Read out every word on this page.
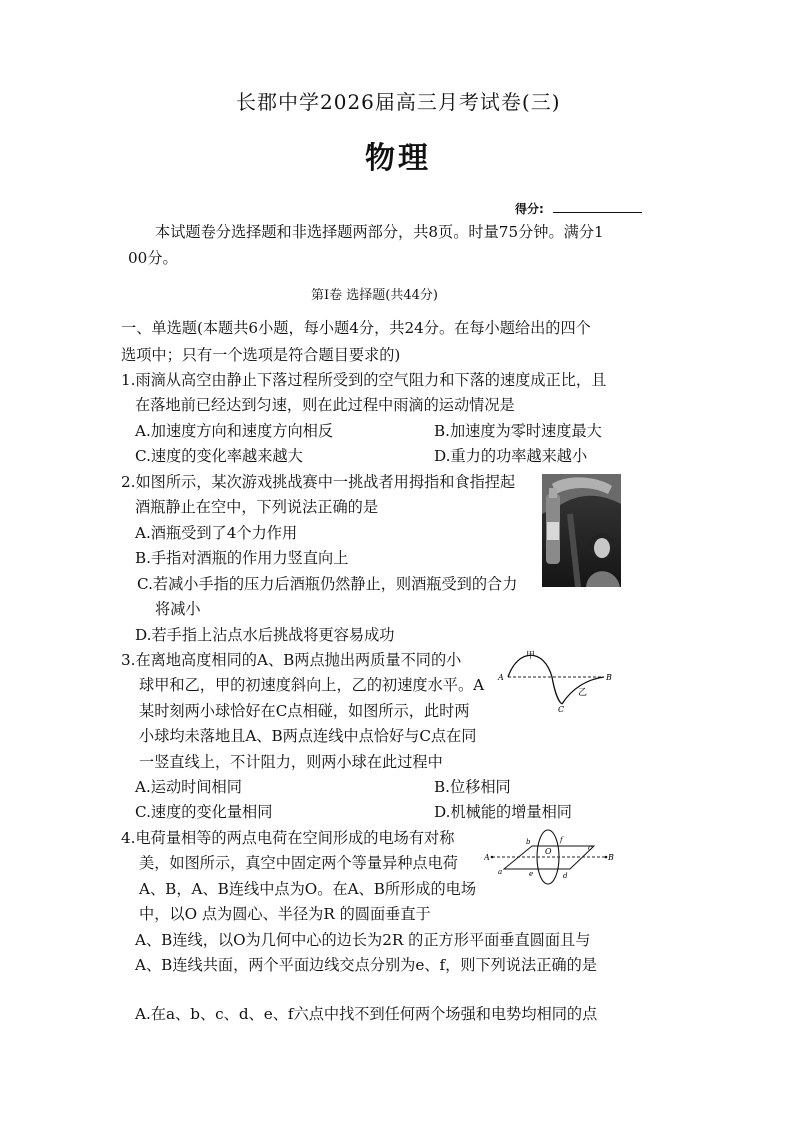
长郡中学2026届高三月考试卷(三)
物理
得分:
本试题卷分选择题和非选择题两部分，共8页。时量75分钟。满分1
00分。
第Ⅰ卷 选择题(共44分)
一、单选题(本题共6小题，每小题4分，共24分。在每小题给出的四个
选项中；只有一个选项是符合题目要求的)
1.雨滴从高空由静止下落过程所受到的空气阻力和下落的速度成正比，且
在落地前已经达到匀速，则在此过程中雨滴的运动情况是
A.加速度方向和速度方向相反	B.加速度为零时速度最大
C.速度的变化率越来越大	D.重力的功率越来越小
2.如图所示，某次游戏挑战赛中一挑战者用拇指和食指捏起
酒瓶静止在空中，下列说法正确的是
A.酒瓶受到了4个力作用
B.手指对酒瓶的作用力竖直向上
C.若减小手指的压力后酒瓶仍然静止，则酒瓶受到的合力
将减小
D.若手指上沾点水后挑战将更容易成功
3.在离地高度相同的A、B两点抛出两质量不同的小
球甲和乙，甲的初速度斜向上，乙的初速度水平。A
某时刻两小球恰好在C点相碰，如图所示，此时两
小球均未落地且A、B两点连线中点恰好与C点在同
一竖直线上，不计阻力，则两小球在此过程中
A.运动时间相同	B.位移相同
C.速度的变化量相同	D.机械能的增量相同
甲
乙
A	B
C
4.电荷量相等的两点电荷在空间形成的电场有对称
美，如图所示，真空中固定两个等量异种点电荷
A、B，A、B连线中点为O。在A、B所形成的电场
中，以O 点为圆心、半径为R 的圆面垂直于
A、B连线，以O为几何中心的边长为2R 的正方形平面垂直圆面且与
A、B连线共面，两个平面边线交点分别为e、f，则下列说法正确的是
A.在a、b、c、d、e、f六点中找不到任何两个场强和电势均相同的点
A	B
O
a
b
c
d
e
f
